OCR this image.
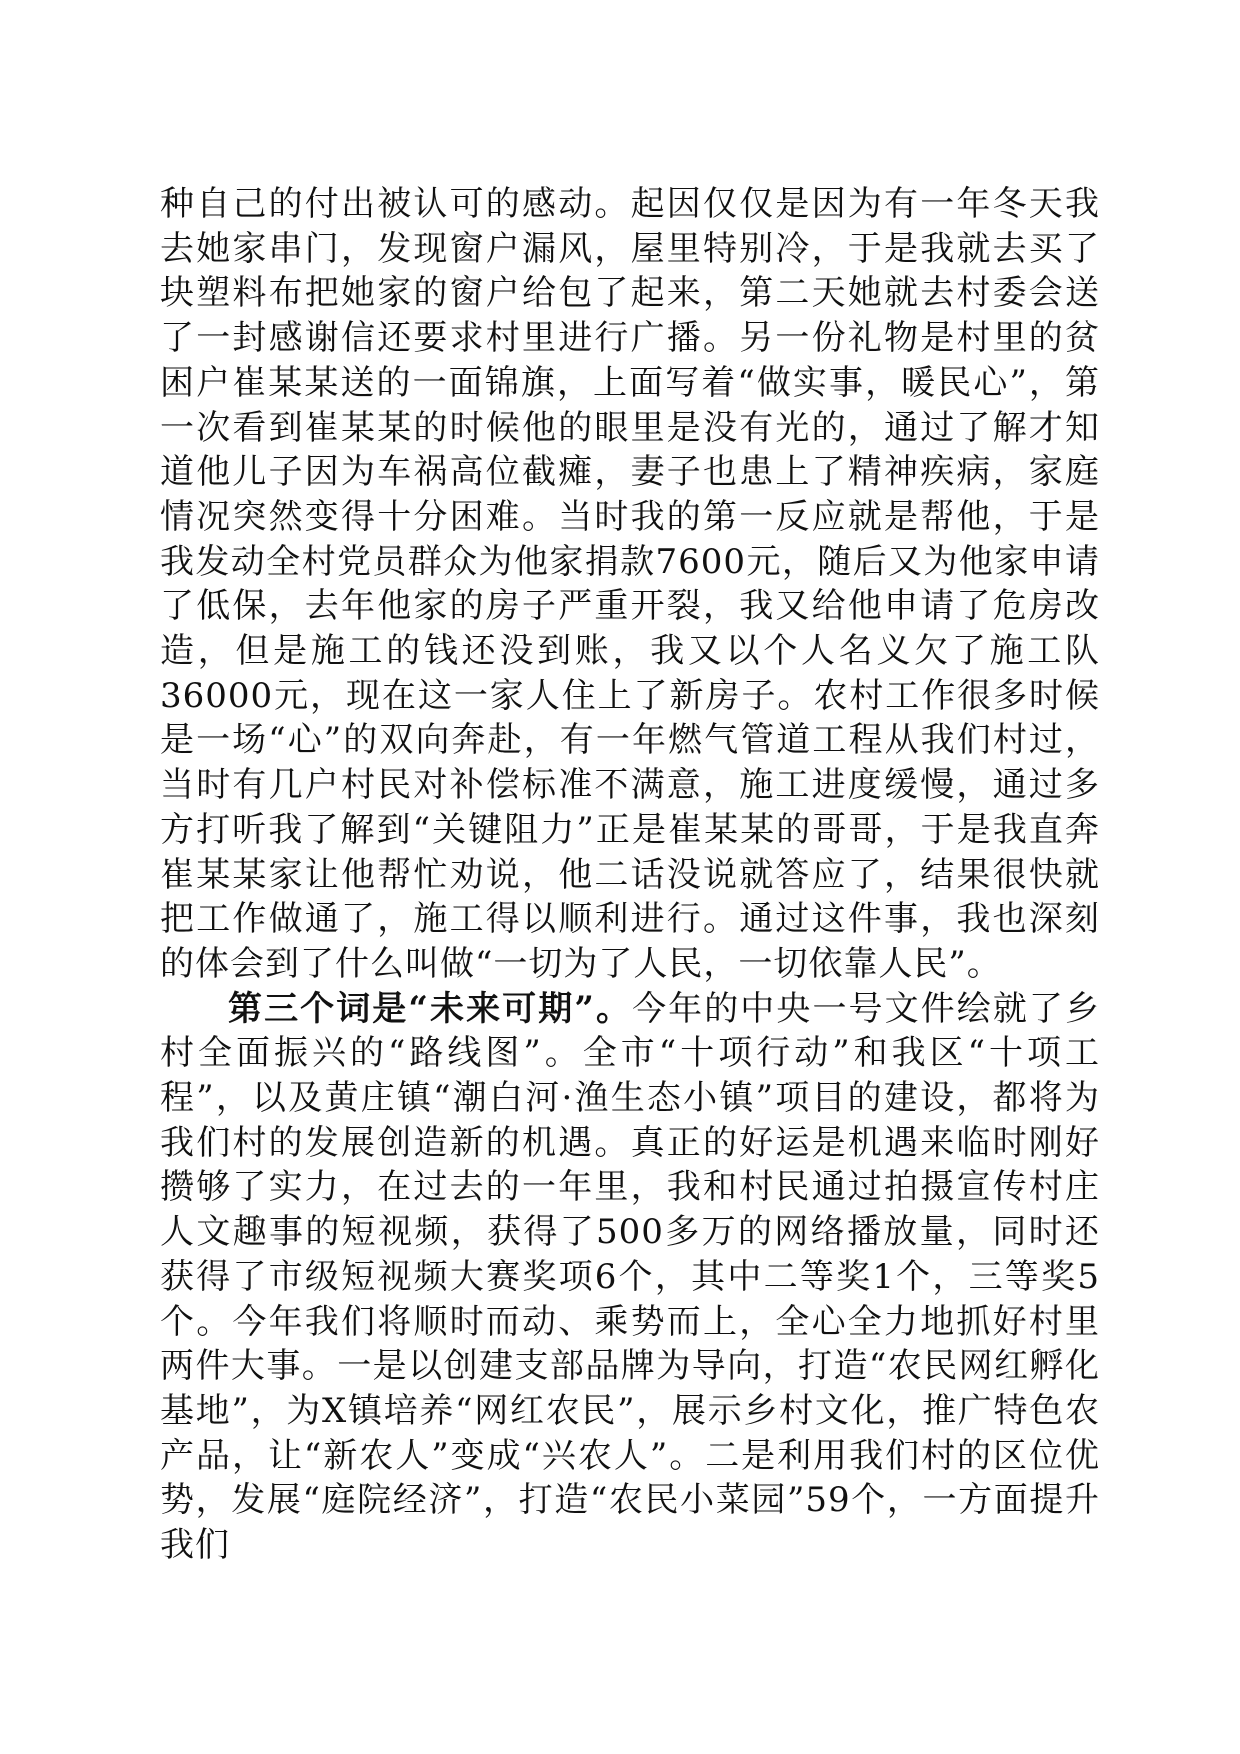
种自己的付出被认可的感动。起因仅仅是因为有一年冬天我去她家串门，发现窗户漏风，屋里特别冷，于是我就去买了块塑料布把她家的窗户给包了起来，第二天她就去村委会送了一封感谢信还要求村里进行广播。另一份礼物是村里的贫困户崔某某送的一面锦旗，上面写着“做实事，暖民心”，第一次看到崔某某的时候他的眼里是没有光的，通过了解才知道他儿子因为车祸高位截瘫，妻子也患上了精神疾病，家庭情况突然变得十分困难。当时我的第一反应就是帮他，于是我发动全村党员群众为他家捐款7600元，随后又为他家申请了低保，去年他家的房子严重开裂，我又给他申请了危房改造，但是施工的钱还没到账，我又以个人名义欠了施工队36000元，现在这一家人住上了新房子。农村工作很多时候是一场“心”的双向奔赴，有一年燃气管道工程从我们村过，当时有几户村民对补偿标准不满意，施工进度缓慢，通过多方打听我了解到“关键阻力”正是崔某某的哥哥，于是我直奔崔某某家让他帮忙劝说，他二话没说就答应了，结果很快就把工作做通了，施工得以顺利进行。通过这件事，我也深刻的体会到了什么叫做“一切为了人民，一切依靠人民”。

第三个词是“未来可期”。今年的中央一号文件绘就了乡村全面振兴的“路线图”。全市“十项行动”和我区“十项工程”，以及黄庄镇“潮白河·渔生态小镇”项目的建设，都将为我们村的发展创造新的机遇。真正的好运是机遇来临时刚好攒够了实力，在过去的一年里，我和村民通过拍摄宣传村庄人文趣事的短视频，获得了500多万的网络播放量，同时还获得了市级短视频大赛奖项6个，其中二等奖1个，三等奖5个。今年我们将顺时而动、乘势而上，全心全力地抓好村里两件大事。一是以创建支部品牌为导向，打造“农民网红孵化基地”，为X镇培养“网红农民”，展示乡村文化，推广特色农产品，让“新农人”变成“兴农人”。二是利用我们村的区位优势，发展“庭院经济”，打造“农民小菜园”59个，一方面提升我们
